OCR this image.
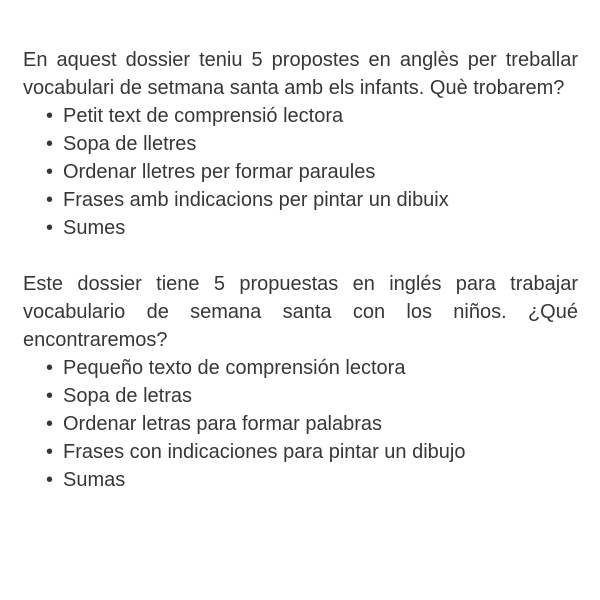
En aquest dossier teniu 5 propostes en anglès per treballar vocabulari de setmana santa amb els infants. Què trobarem?

• Petit text de comprensió lectora
• Sopa de lletres
• Ordenar lletres per formar paraules
• Frases amb indicacions per pintar un dibuix
• Sumes

Este dossier tiene 5 propuestas en inglés para trabajar vocabulario de semana santa con los niños. ¿Qué encontraremos?

• Pequeño texto de comprensión lectora
• Sopa de letras
• Ordenar letras para formar palabras
• Frases con indicaciones para pintar un dibujo
• Sumas
